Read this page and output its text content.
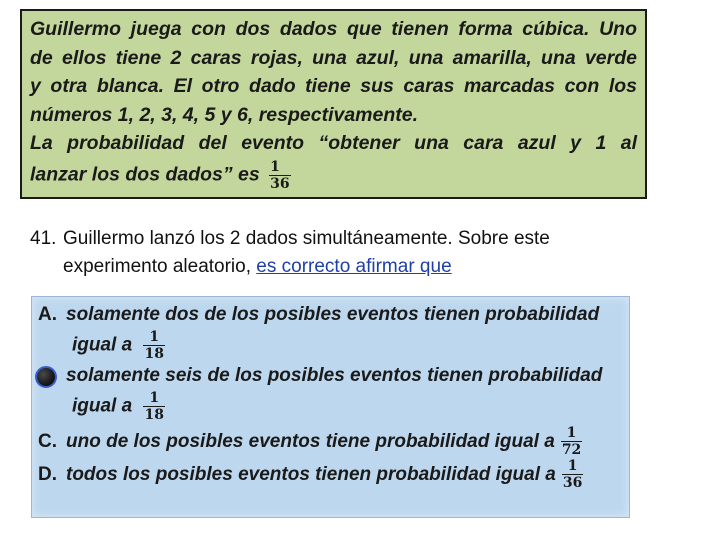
Guillermo juega con dos dados que tienen forma cúbica. Uno

de ellos tiene 2 caras rojas, una azul, una amarilla, una verde

y otra blanca. El otro dado tiene sus caras marcadas con los

números 1, 2, 3, 4, 5 y 6, respectivamente.

La probabilidad del evento “obtener una cara azul y 1 al

lanzar los dos dados” es $\frac{1}{36}$

41. Guillermo lanzó los 2 dados simultáneamente. Sobre este
experimento aleatorio, es correcto afirmar que
A. solamente dos de los posibles eventos tienen probabilidad
igual a $\frac{1}{18}$
solamente seis de los posibles eventos tienen probabilidad
igual a $\frac{1}{18}$
C. uno de los posibles eventos tiene probabilidad igual a $\frac{1}{72}$
D. todos los posibles eventos tienen probabilidad igual a $\frac{1}{36}$
